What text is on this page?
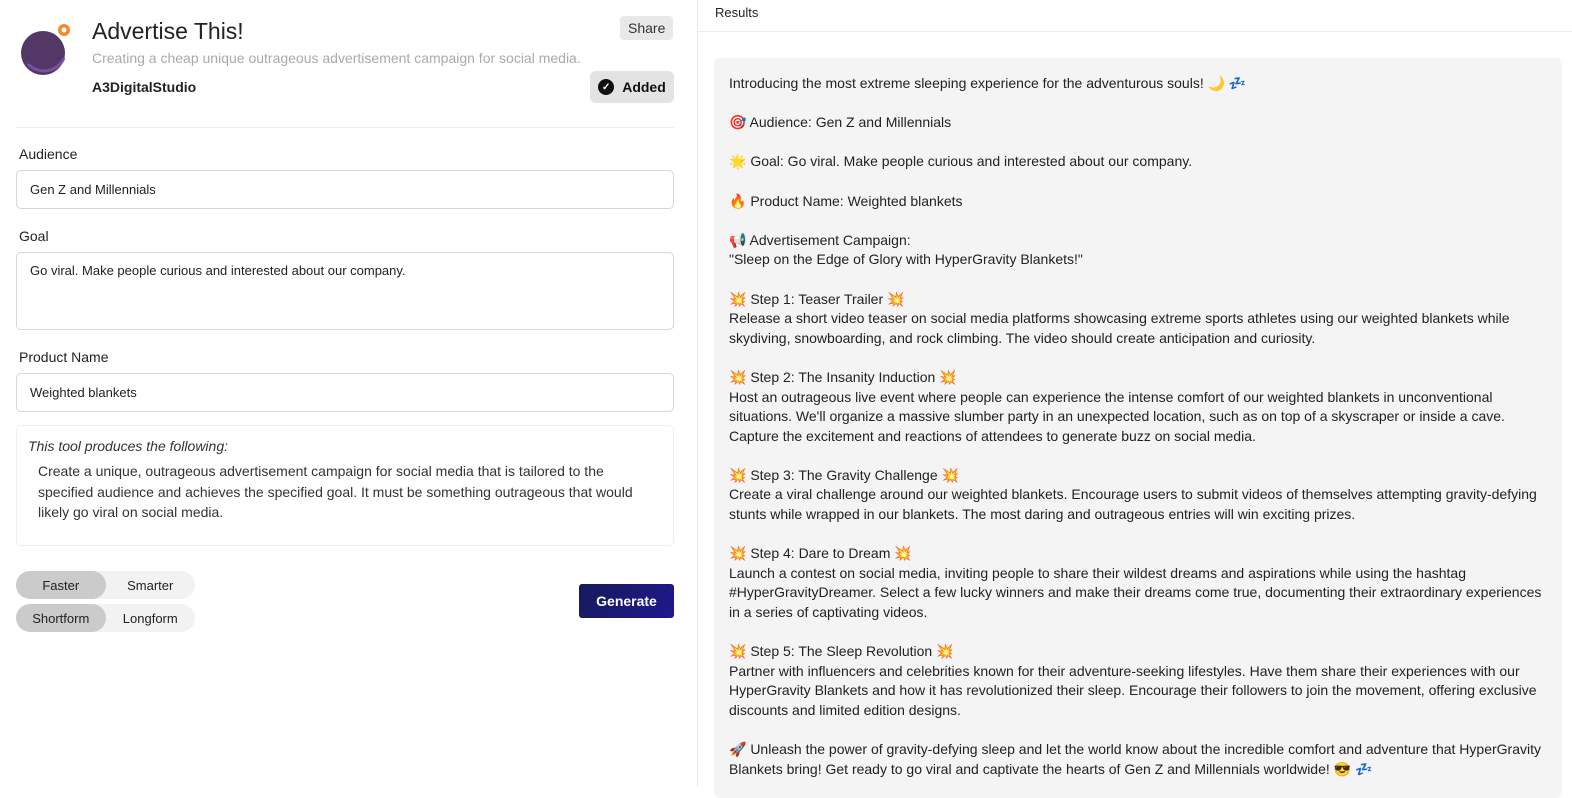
Advertise This!
Creating a cheap unique outrageous advertisement campaign for social media.
A3DigitalStudio
Share
✓ Added
Audience
Gen Z and Millennials
Goal
Go viral. Make people curious and interested about our company.
Product Name
Weighted blankets
This tool produces the following:
Create a unique, outrageous advertisement campaign for social media that is tailored to the specified audience and achieves the specified goal. It must be something outrageous that would likely go viral on social media.
Faster	Smarter
Shortform	Longform
Generate
Results

Introducing the most extreme sleeping experience for the adventurous souls! 🌙 💤

🎯 Audience: Gen Z and Millennials

🌟 Goal: Go viral. Make people curious and interested about our company.

🔥 Product Name: Weighted blankets

📢 Advertisement Campaign:
"Sleep on the Edge of Glory with HyperGravity Blankets!"

💥 Step 1: Teaser Trailer 💥
Release a short video teaser on social media platforms showcasing extreme sports athletes using our weighted blankets while skydiving, snowboarding, and rock climbing. The video should create anticipation and curiosity.

💥 Step 2: The Insanity Induction 💥
Host an outrageous live event where people can experience the intense comfort of our weighted blankets in unconventional situations. We'll organize a massive slumber party in an unexpected location, such as on top of a skyscraper or inside a cave. Capture the excitement and reactions of attendees to generate buzz on social media.

💥 Step 3: The Gravity Challenge 💥
Create a viral challenge around our weighted blankets. Encourage users to submit videos of themselves attempting gravity-defying stunts while wrapped in our blankets. The most daring and outrageous entries will win exciting prizes.

💥 Step 4: Dare to Dream 💥
Launch a contest on social media, inviting people to share their wildest dreams and aspirations while using the hashtag #HyperGravityDreamer. Select a few lucky winners and make their dreams come true, documenting their extraordinary experiences in a series of captivating videos.

💥 Step 5: The Sleep Revolution 💥
Partner with influencers and celebrities known for their adventure-seeking lifestyles. Have them share their experiences with our HyperGravity Blankets and how it has revolutionized their sleep. Encourage their followers to join the movement, offering exclusive discounts and limited edition designs.

🚀 Unleash the power of gravity-defying sleep and let the world know about the incredible comfort and adventure that HyperGravity Blankets bring! Get ready to go viral and captivate the hearts of Gen Z and Millennials worldwide! 😎 💤
